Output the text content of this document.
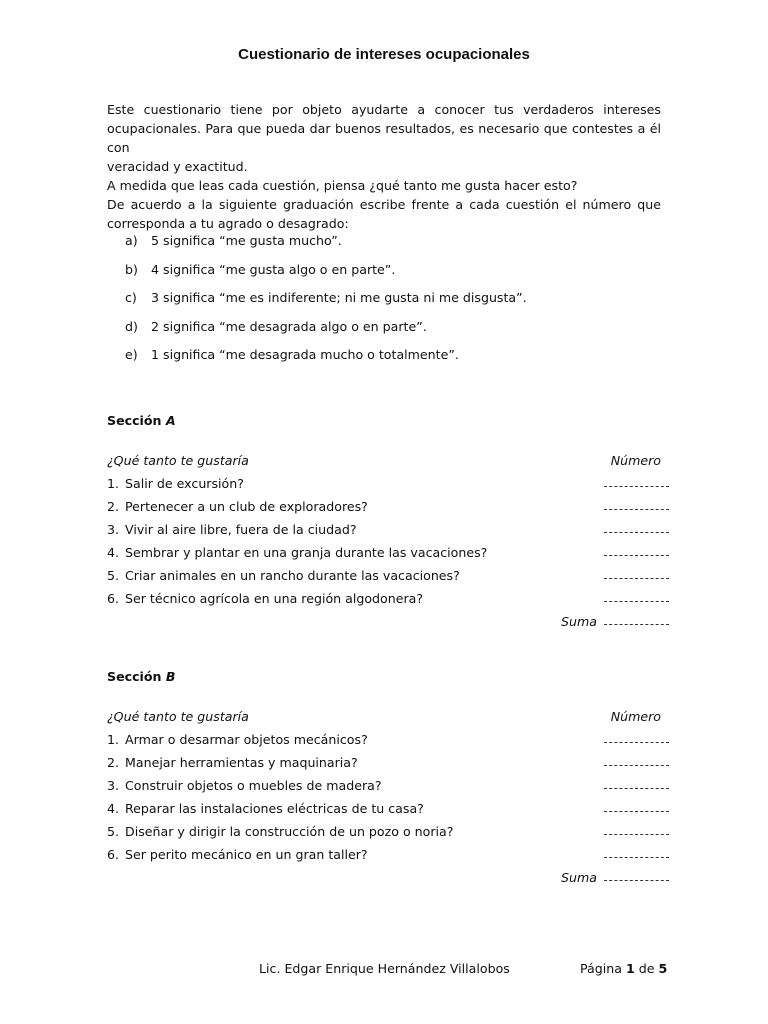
Cuestionario de intereses ocupacionales

Este cuestionario tiene por objeto ayudarte a conocer tus verdaderos intereses

ocupacionales. Para que pueda dar buenos resultados, es necesario que contestes a él con

veracidad y exactitud.

A medida que leas cada cuestión, piensa ¿qué tanto me gusta hacer esto?

De acuerdo a la siguiente graduación escribe frente a cada cuestión el número que

corresponda a tu agrado o desagrado:

a) 5 significa “me gusta mucho”.
b) 4 significa “me gusta algo o en parte”.
c) 3 significa “me es indiferente; ni me gusta ni me disgusta”.
d) 2 significa “me desagrada algo o en parte”.
e) 1 significa “me desagrada mucho o totalmente”.
Sección A
¿Qué tanto te gustaría	Número
1. Salir de excursión?
2. Pertenecer a un club de exploradores?
3. Vivir al aire libre, fuera de la ciudad?
4. Sembrar y plantar en una granja durante las vacaciones?
5. Criar animales en un rancho durante las vacaciones?
6. Ser técnico agrícola en una región algodonera?
Suma
Sección B
¿Qué tanto te gustaría	Número
1. Armar o desarmar objetos mecánicos?
2. Manejar herramientas y maquinaria?
3. Construir objetos o muebles de madera?
4. Reparar las instalaciones eléctricas de tu casa?
5. Diseñar y dirigir la construcción de un pozo o noria?
6. Ser perito mecánico en un gran taller?
Suma
Lic. Edgar Enrique Hernández Villalobos	Página 1 de 5
